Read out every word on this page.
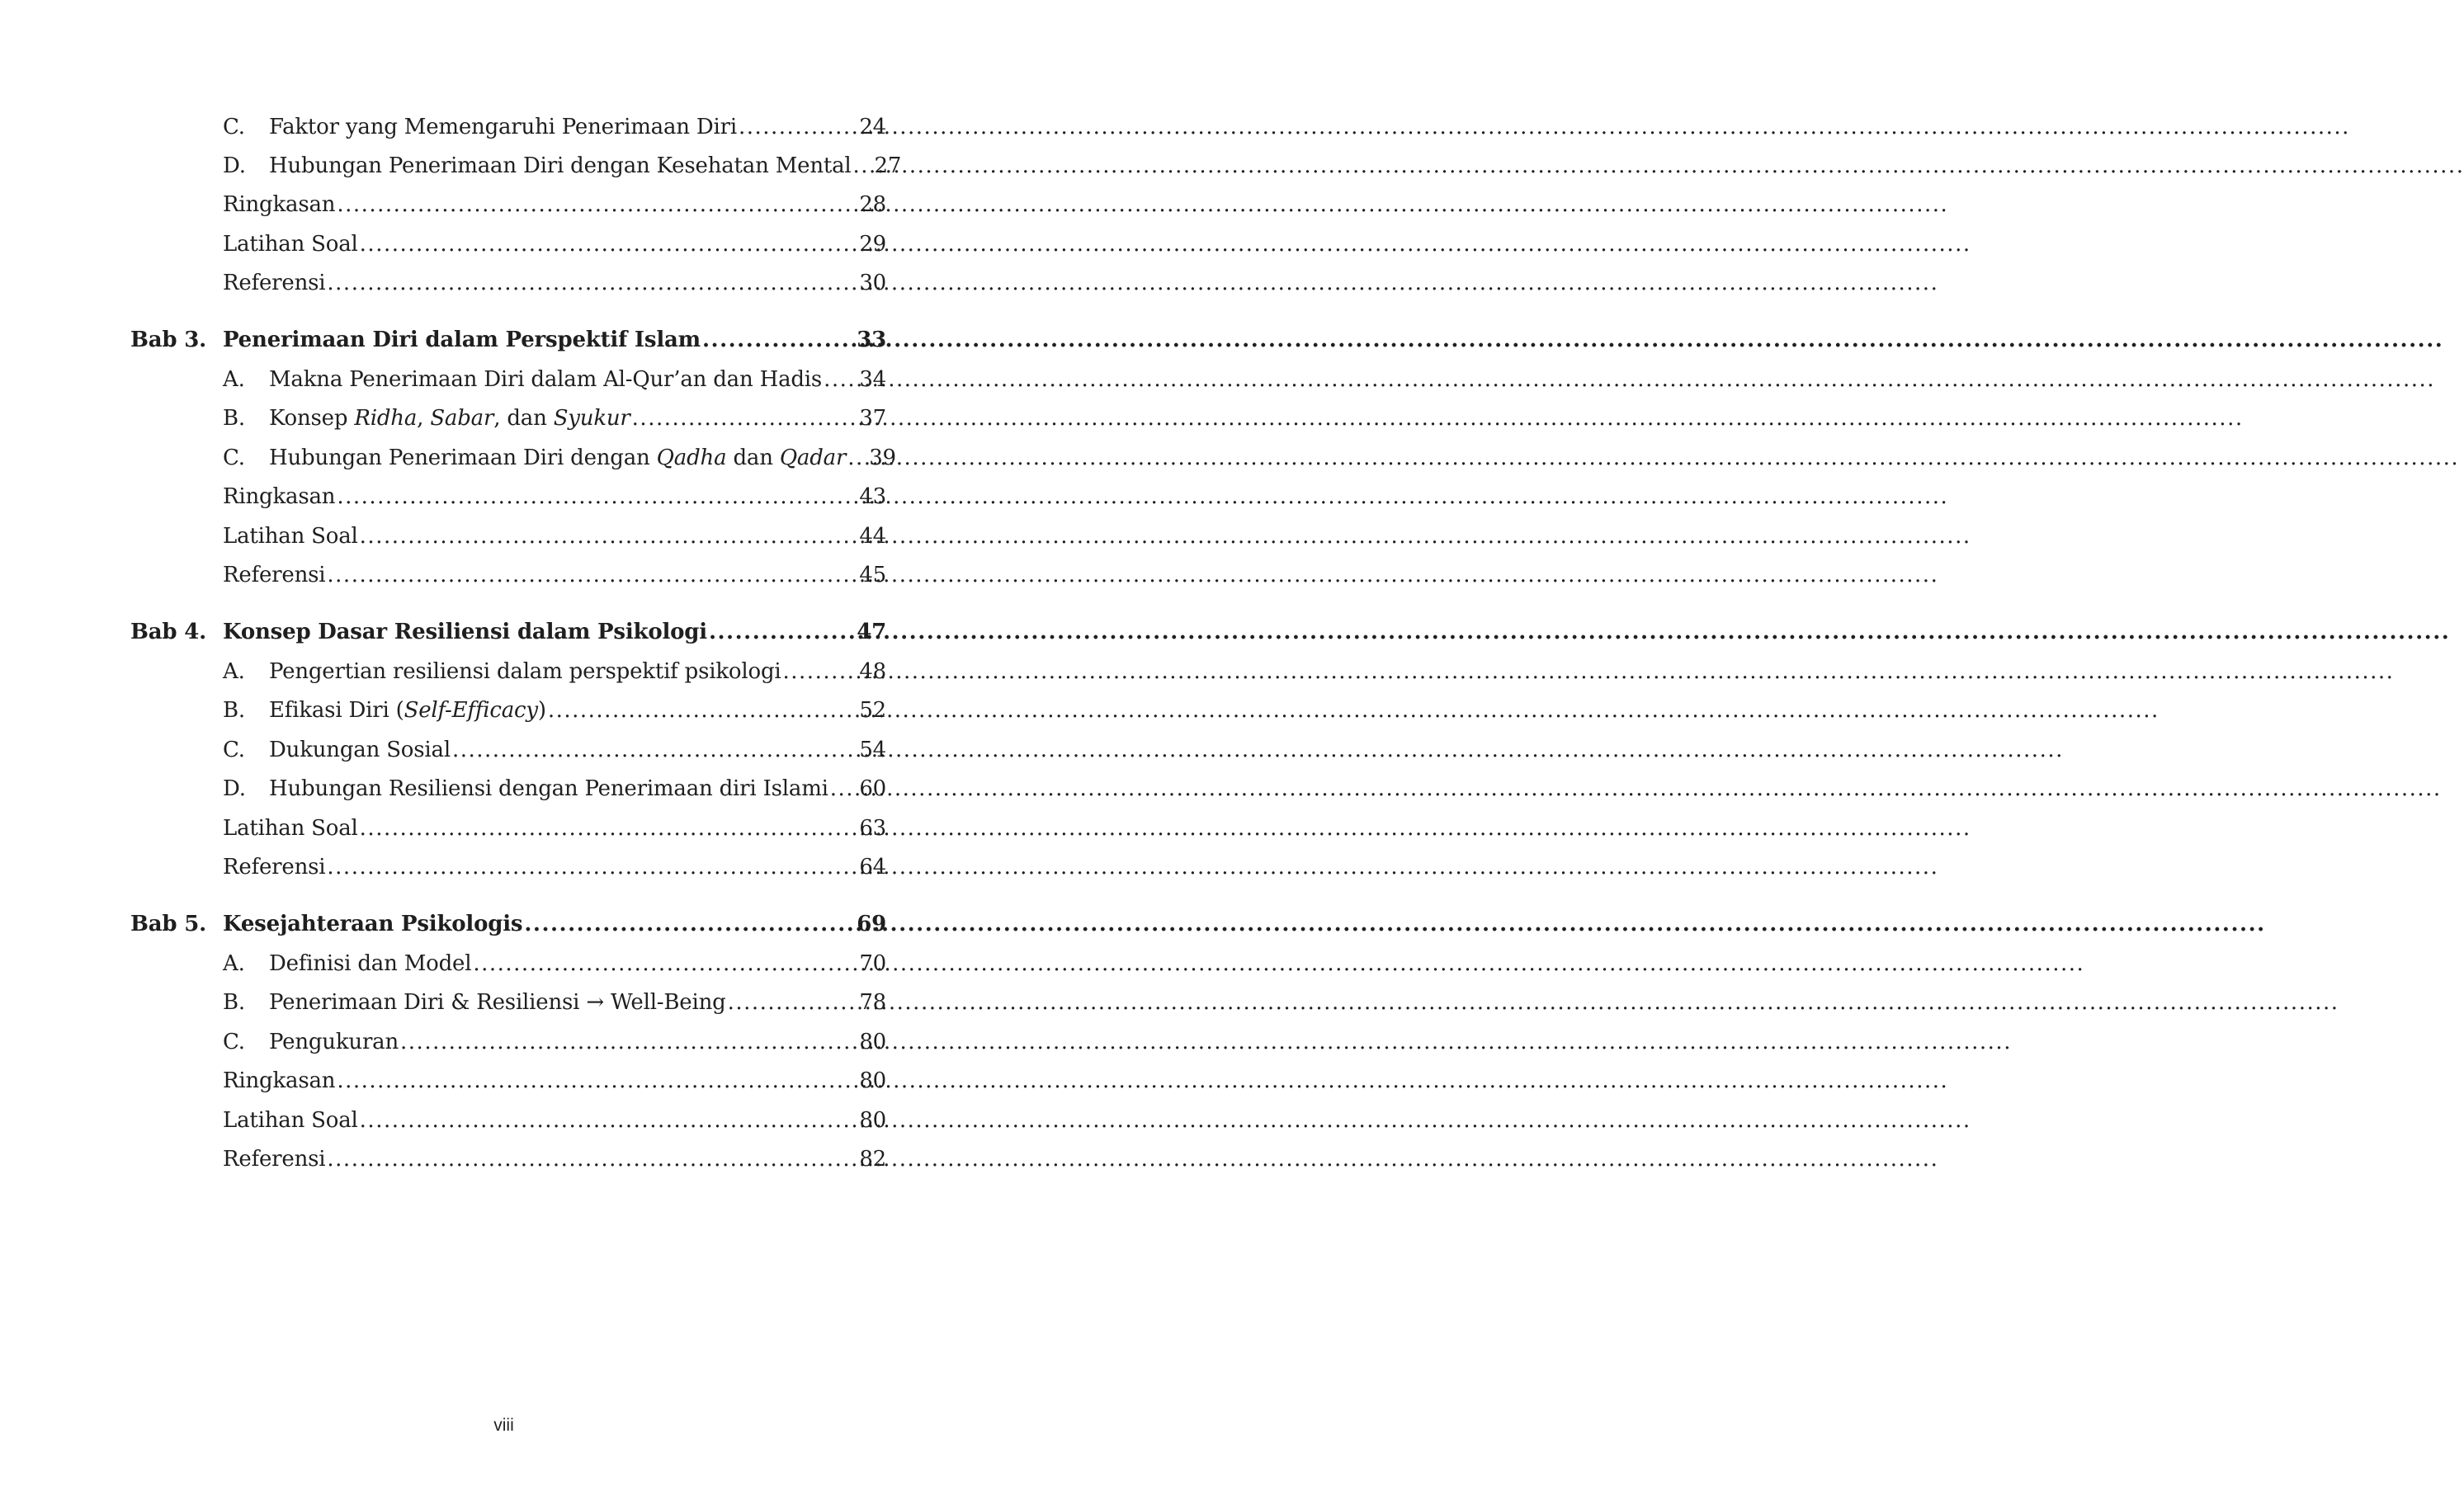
C.	Faktor yang Memengaruhi Penerimaan Diri .....	24
D.	Hubungan Penerimaan Diri dengan Kesehatan Mental ..... 27
Ringkasan .....	28
Latihan Soal .....	29
Referensi .....	30
Bab 3. Penerimaan Diri dalam Perspektif Islam .....	33
A.	Makna Penerimaan Diri dalam Al-Qur’an dan Hadis ..... 34
B.	Konsep Ridha, Sabar, dan Syukur .....	37
C.	Hubungan Penerimaan Diri dengan Qadha dan Qadar ..... 39
Ringkasan .....	43
Latihan Soal .....	44
Referensi .....	45
Bab 4. Konsep Dasar Resiliensi dalam Psikologi .....	47
A.	Pengertian resiliensi dalam perspektif psikologi .....	48
B.	Efikasi Diri (Self-Efficacy) .....	52
C.	Dukungan Sosial .....	54
D.	Hubungan Resiliensi dengan Penerimaan diri Islami ..... 60
Latihan Soal .....	63
Referensi .....	64
Bab 5. Kesejahteraan Psikologis .....	69
A.	Definisi dan Model .....	70
B.	Penerimaan Diri & Resiliensi → Well-Being .....	78
C.	Pengukuran .....	80
Ringkasan .....	80
Latihan Soal .....	80
Referensi .....	82
viii
